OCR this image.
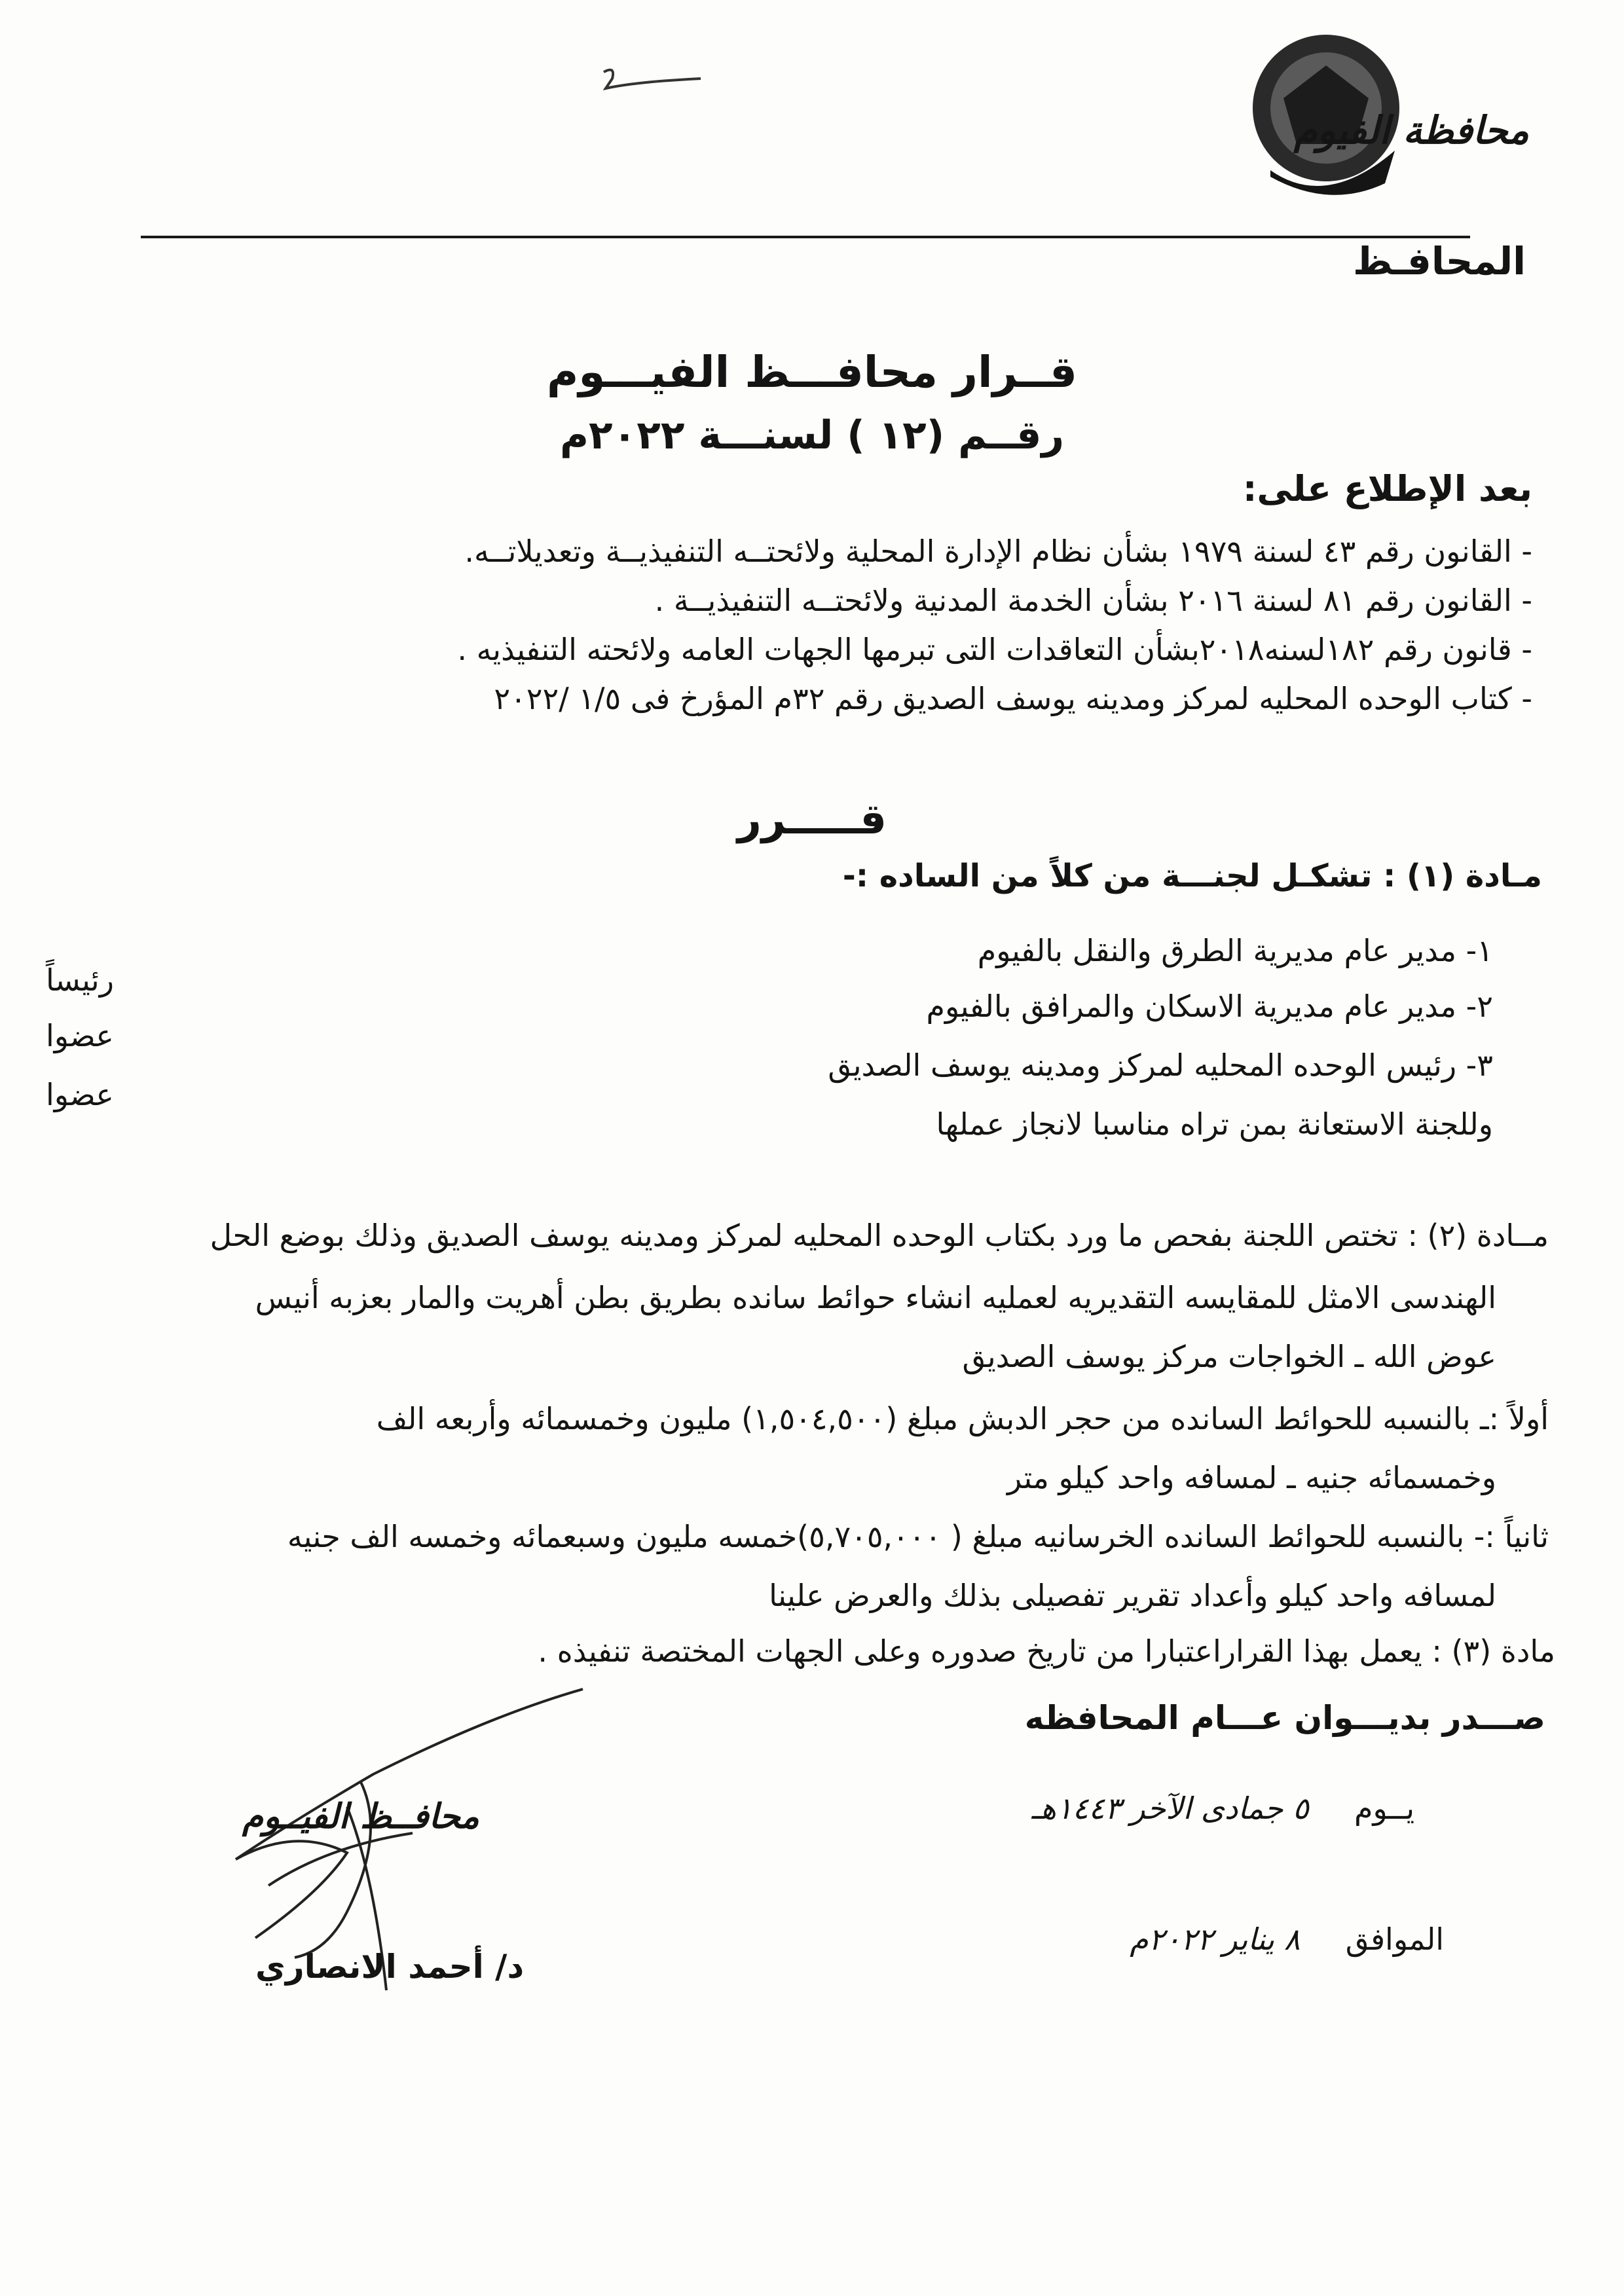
محافظة الفيوم
المحافـظ
قــرار محافـــظ الفيـــوم
رقــم (١٢ ) لسنـــة ٢٠٢٢م
بعد الإطلاع على:
- القانون رقم ٤٣ لسنة ١٩٧٩ بشأن نظام الإدارة المحلية ولائحتــه التنفيذيــة وتعديلاتــه.
- القانون رقم ٨١ لسنة ٢٠١٦ بشأن الخدمة المدنية ولائحتــه التنفيذيــة .
- قانون رقم ١٨٢لسنه٢٠١٨بشأن التعاقدات التى تبرمها الجهات العامه ولائحته التنفيذيه .
- كتاب الوحده المحليه لمركز ومدينه يوسف الصديق رقم ٣٢م المؤرخ فى ١/٥ /٢٠٢٢
قـــــرر
مـادة (١) : تشكـل لجنـــة من كلاً من الساده :-
١- مدير عام مديرية الطرق والنقل بالفيوم
٢- مدير عام مديرية الاسكان والمرافق بالفيوم
٣- رئيس الوحده المحليه لمركز ومدينه يوسف الصديق
وللجنة الاستعانة بمن تراه مناسبا لانجاز عملها
رئيساً
عضوا
عضوا
مــادة (٢) : تختص اللجنة بفحص ما ورد بكتاب الوحده المحليه لمركز ومدينه يوسف الصديق وذلك بوضع الحل
الهندسى الامثل للمقايسه التقديريه لعمليه انشاء حوائط سانده بطريق بطن أهريت والمار بعزبه أنيس
عوض الله ـ الخواجات مركز يوسف الصديق
أولاً :ـ بالنسبه للحوائط السانده من حجر الدبش مبلغ (١,٥٠٤,٥٠٠) مليون وخمسمائه وأربعه الف
وخمسمائه جنيه ـ لمسافه واحد كيلو متر
ثانياً :- بالنسبه للحوائط السانده الخرسانيه مبلغ ( ٥,٧٠٥,٠٠٠)خمسه مليون وسبعمائه وخمسه الف جنيه
لمسافه واحد كيلو وأعداد تقرير تفصيلى بذلك والعرض علينا
مادة (٣) : يعمل بهذا القراراعتبارا من تاريخ صدوره وعلى الجهات المختصة تنفيذه .
صـــدر بديـــوان عـــام المحافظه
يــوم  ٥ جمادى الآخر ١٤٤٣هـ
الموافق  ٨ يناير ٢٠٢٢م
محافــظ الفيــوم
د/ أحمد الانصاري
